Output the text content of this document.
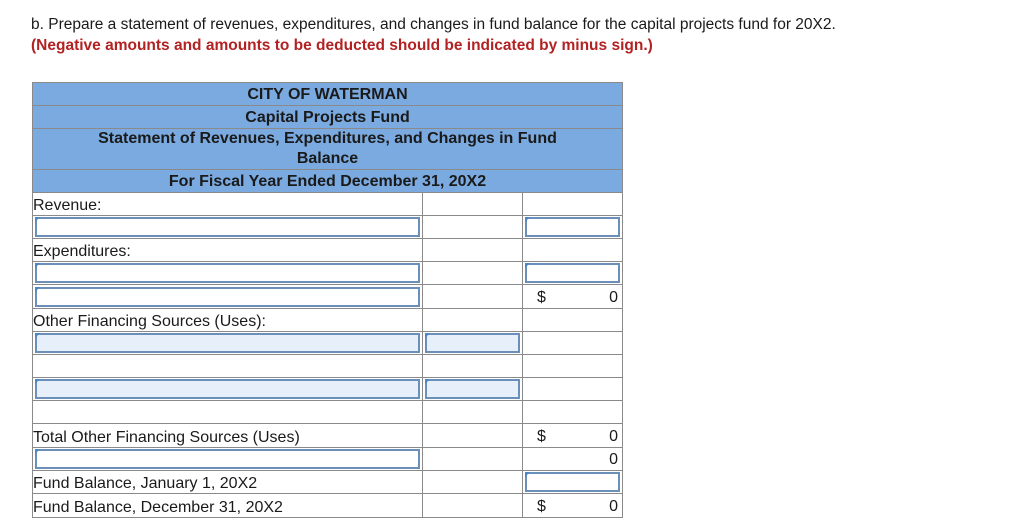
b. Prepare a statement of revenues, expenditures, and changes in fund balance for the capital projects fund for 20X2.
(Negative amounts and amounts to be deducted should be indicated by minus sign.)
CITY OF WATERMAN		
Capital Projects Fund		

Statement of Revenues, Expenditures, and Changes in Fund
Balance		

For Fiscal Year Ended December 31, 20X2		
Revenue:		

Expenditures:		

		$ 0

Other Financing Sources (Uses):		

Total Other Financing Sources (Uses)		$ 0

		0

Fund Balance, January 1, 20X2		

Fund Balance, December 31, 20X2		$ 0
